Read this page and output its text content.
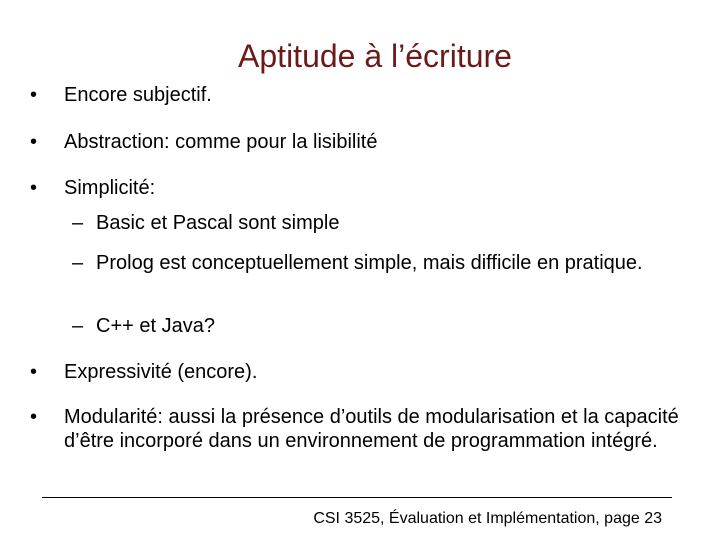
Aptitude à l’écriture
•	Encore subjectif.
•	Abstraction: comme pour la lisibilité
•	Simplicité:
– Basic et Pascal sont simple
– Prolog est conceptuellement simple, mais difficile en pratique.
– C++ et Java?
•	Expressivité (encore).
•	Modularité: aussi la présence d’outils de modularisation et la capacité d’être incorporé dans un environnement de programmation intégré.
CSI 3525, Évaluation et Implémentation, page 23
